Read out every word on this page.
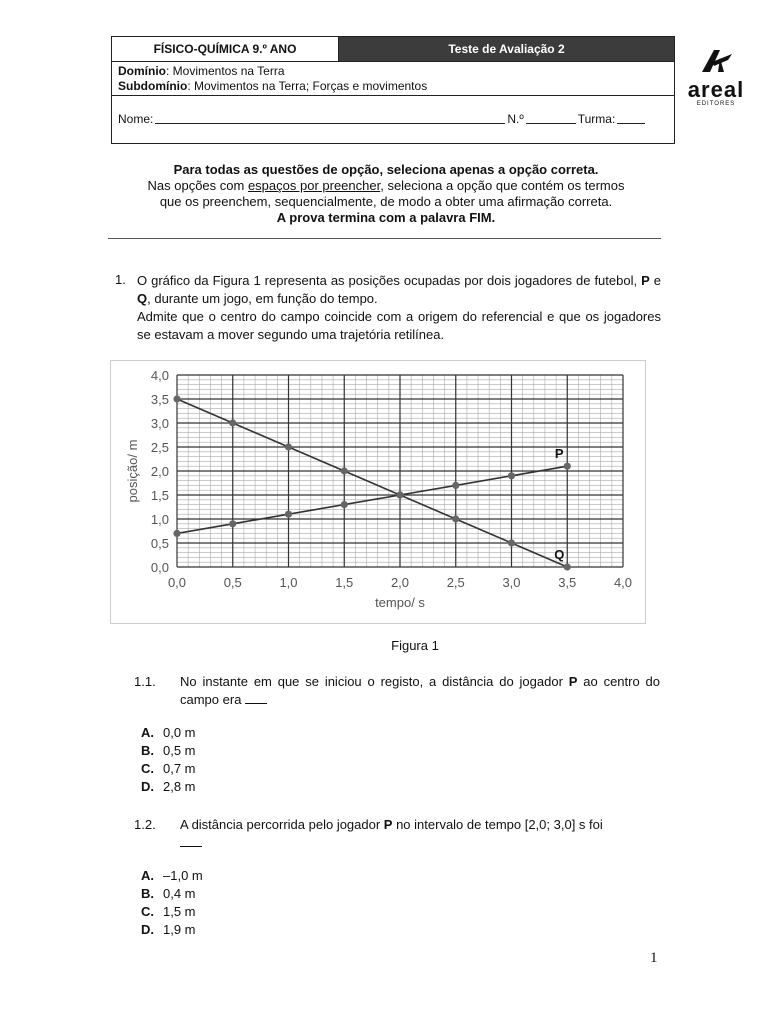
FÍSICO-QUÍMICA 9.º ANO	Teste de Avaliação 2
Domínio: Movimentos na Terra
Subdomínio: Movimentos na Terra; Forças e movimentos
Nome:	N.º	Turma:
areal
EDITORES
Para todas as questões de opção, seleciona apenas a opção correta.
Nas opções com espaços por preencher, seleciona a opção que contém os termos
que os preenchem, sequencialmente, de modo a obter uma afirmação correta.
A prova termina com a palavra FIM.
1. O gráfico da Figura 1 representa as posições ocupadas por dois jogadores de futebol, P e Q, durante um jogo, em função do tempo.
Admite que o centro do campo coincide com a origem do referencial e que os jogadores se estavam a mover segundo uma trajetória retilínea.
0,0	0,5	1,0	1,5	2,0	2,5	3,0	3,5	4,0
0,0
0,5
1,0
1,5
2,0
2,5
3,0
3,5
4,0
P
Q
tempo/ s
posição/ m
Figura 1
1.1. No instante em que se iniciou o registo, a distância do jogador P ao centro do campo era
A. 0,0 m
B. 0,5 m
C. 0,7 m
D. 2,8 m
1.2. A distância percorrida pelo jogador P no intervalo de tempo [2,0; 3,0] s foi

A. –1,0 m
B. 0,4 m
C. 1,5 m
D. 1,9 m
1
